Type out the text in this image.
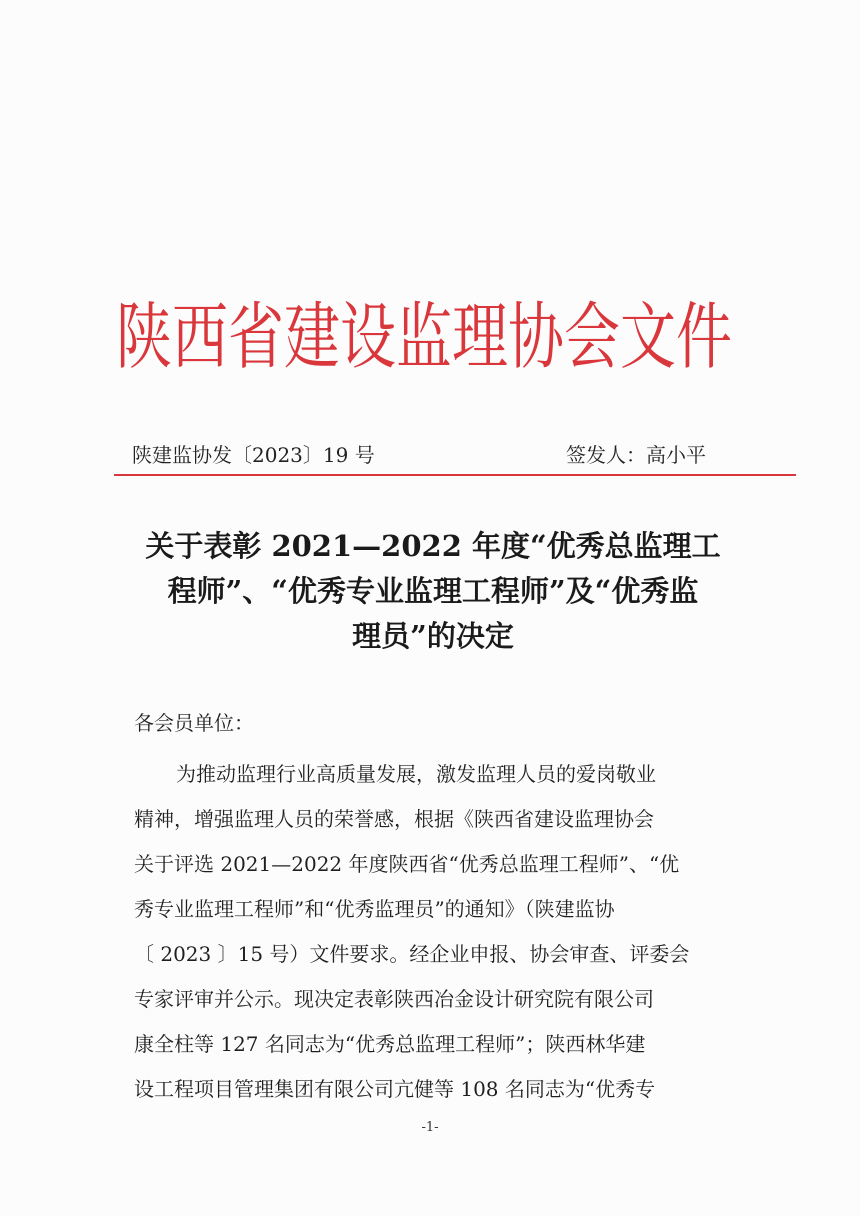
陕西省建设监理协会文件
陕建监协发〔2023〕19 号	签发人：高小平
关于表彰 2021—2022 年度“优秀总监理工
程师”、“优秀专业监理工程师”及“优秀监
理员”的决定
各会员单位：
为推动监理行业高质量发展，激发监理人员的爱岗敬业
精神，增强监理人员的荣誉感，根据《陕西省建设监理协会
关于评选 2021—2022 年度陕西省“优秀总监理工程师”、“优
秀专业监理工程师”和“优秀监理员”的通知》（陕建监协
〔 2023 〕15 号）文件要求。经企业申报、协会审查、评委会
专家评审并公示。现决定表彰陕西冶金设计研究院有限公司
康全柱等 127 名同志为“优秀总监理工程师”；陕西林华建
设工程项目管理集团有限公司亢健等 108 名同志为“优秀专
-1-
